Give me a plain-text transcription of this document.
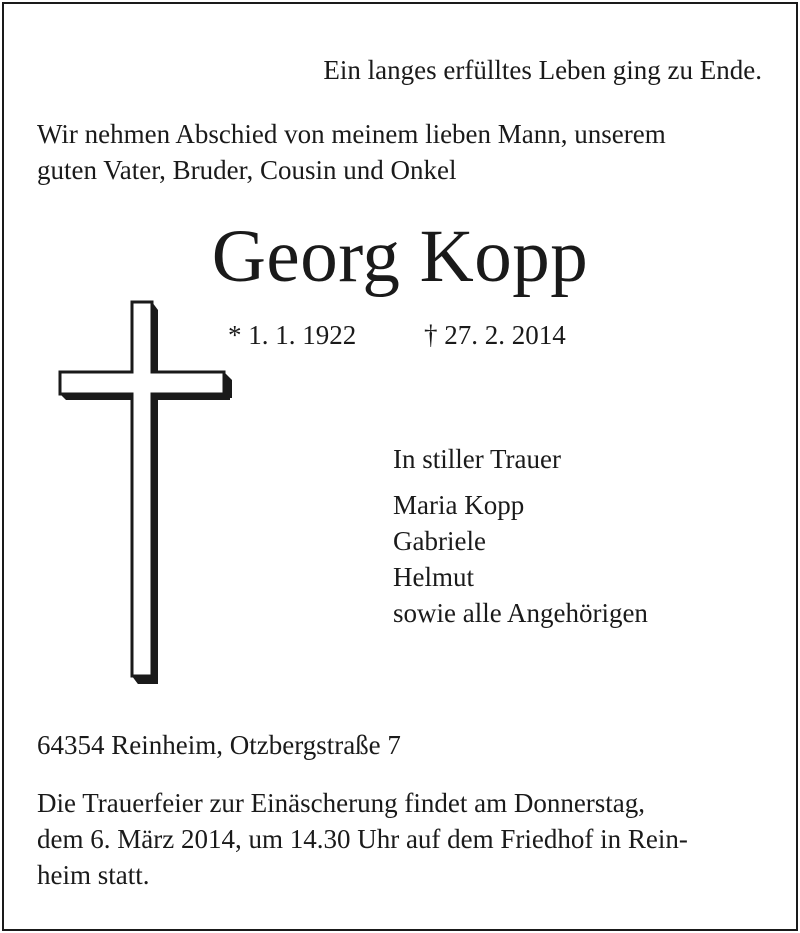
Ein langes erfülltes Leben ging zu Ende.
Wir nehmen Abschied von meinem lieben Mann, unserem
guten Vater, Bruder, Cousin und Onkel
Georg Kopp
* 1. 1. 1922	† 27. 2. 2014
In stiller Trauer
Maria Kopp
Gabriele
Helmut
sowie alle Angehörigen
64354 Reinheim, Otzbergstraße 7
Die Trauerfeier zur Einäscherung findet am Donnerstag,
dem 6. März 2014, um 14.30 Uhr auf dem Friedhof in Rein-
heim statt.
